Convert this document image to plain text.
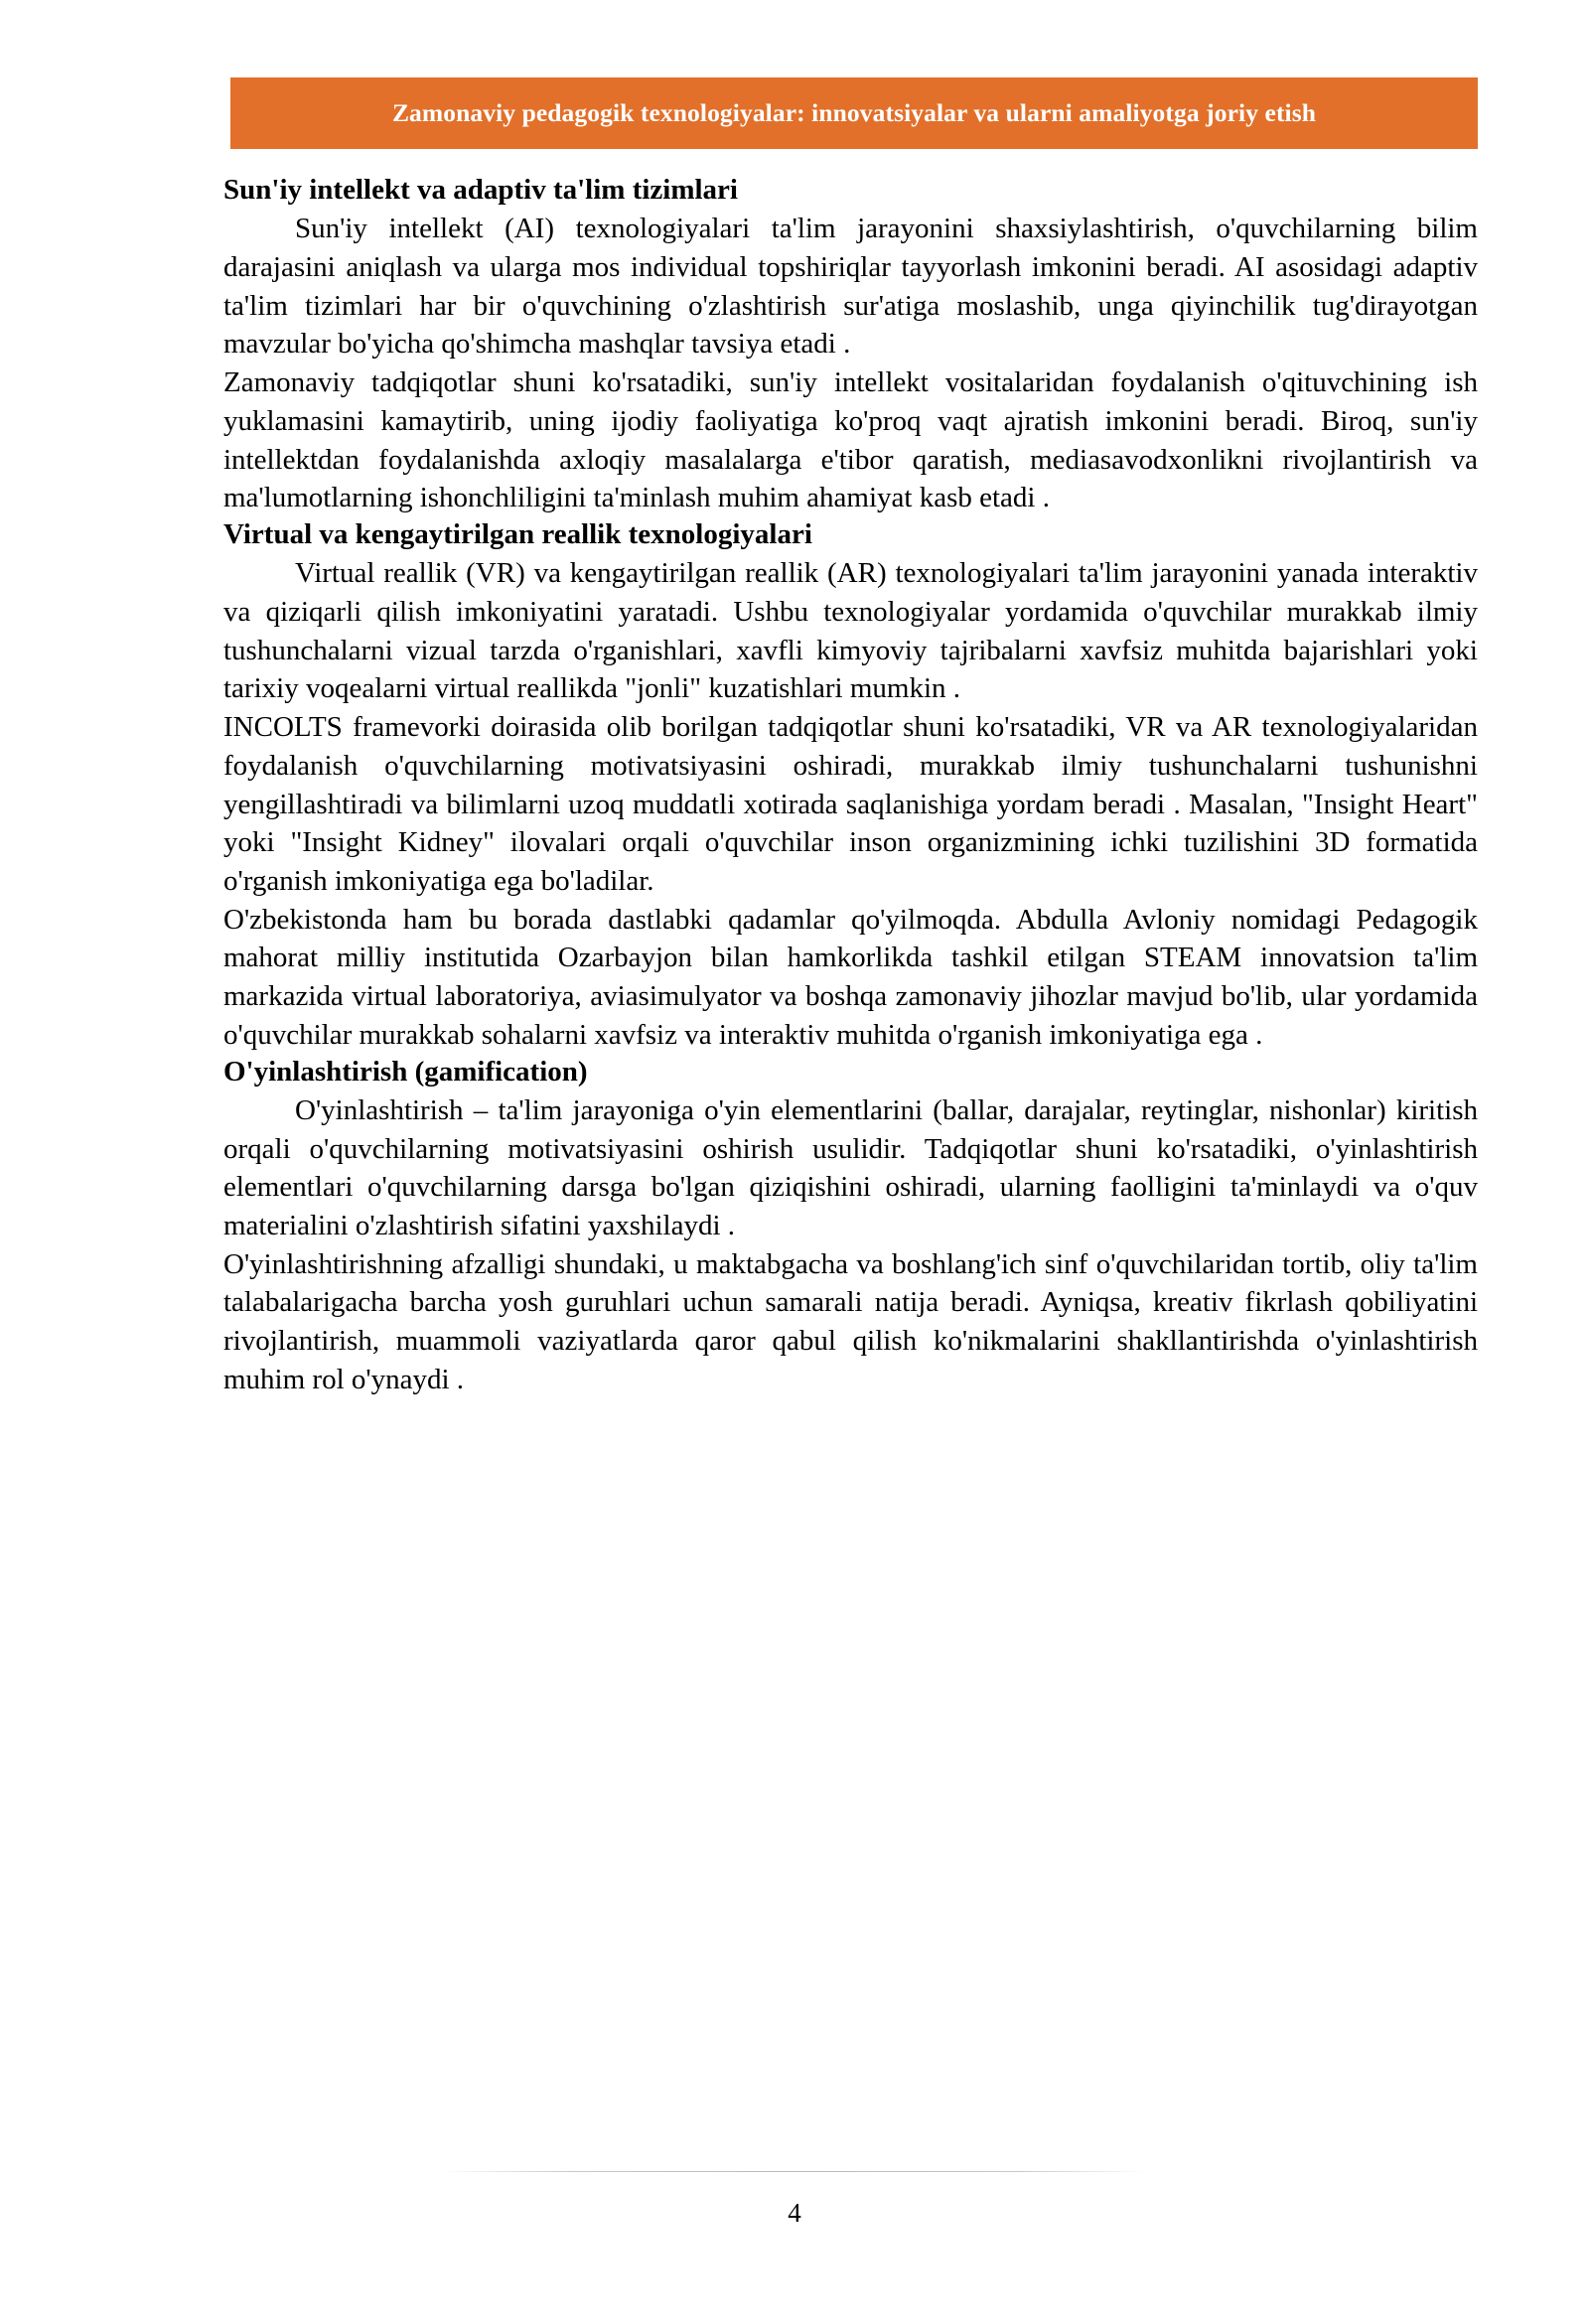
Zamonaviy pedagogik texnologiyalar: innovatsiyalar va ularni amaliyotga joriy etish
Sun'iy intellekt va adaptiv ta'lim tizimlari

Sun'iy intellekt (AI) texnologiyalari ta'lim jarayonini shaxsiylashtirish, o'quvchilarning bilim darajasini aniqlash va ularga mos individual topshiriqlar tayyorlash imkonini beradi. AI asosidagi adaptiv ta'lim tizimlari har bir o'quvchining o'zlashtirish sur'atiga moslashib, unga qiyinchilik tug'dirayotgan mavzular bo'yicha qo'shimcha mashqlar tavsiya etadi .

Zamonaviy tadqiqotlar shuni ko'rsatadiki, sun'iy intellekt vositalaridan foydalanish o'qituvchining ish yuklamasini kamaytirib, uning ijodiy faoliyatiga ko'proq vaqt ajratish imkonini beradi. Biroq, sun'iy intellektdan foydalanishda axloqiy masalalarga e'tibor qaratish, mediasavodxonlikni rivojlantirish va ma'lumotlarning ishonchliligini ta'minlash muhim ahamiyat kasb etadi .

Virtual va kengaytirilgan reallik texnologiyalari

Virtual reallik (VR) va kengaytirilgan reallik (AR) texnologiyalari ta'lim jarayonini yanada interaktiv va qiziqarli qilish imkoniyatini yaratadi. Ushbu texnologiyalar yordamida o'quvchilar murakkab ilmiy tushunchalarni vizual tarzda o'rganishlari, xavfli kimyoviy tajribalarni xavfsiz muhitda bajarishlari yoki tarixiy voqealarni virtual reallikda "jonli" kuzatishlari mumkin .

INCOLTS framevorki doirasida olib borilgan tadqiqotlar shuni ko'rsatadiki, VR va AR texnologiyalaridan foydalanish o'quvchilarning motivatsiyasini oshiradi, murakkab ilmiy tushunchalarni tushunishni yengillashtiradi va bilimlarni uzoq muddatli xotirada saqlanishiga yordam beradi . Masalan, "Insight Heart" yoki "Insight Kidney" ilovalari orqali o'quvchilar inson organizmining ichki tuzilishini 3D formatida o'rganish imkoniyatiga ega bo'ladilar.

O'zbekistonda ham bu borada dastlabki qadamlar qo'yilmoqda. Abdulla Avloniy nomidagi Pedagogik mahorat milliy institutida Ozarbayjon bilan hamkorlikda tashkil etilgan STEAM innovatsion ta'lim markazida virtual laboratoriya, aviasimulyator va boshqa zamonaviy jihozlar mavjud bo'lib, ular yordamida o'quvchilar murakkab sohalarni xavfsiz va interaktiv muhitda o'rganish imkoniyatiga ega .

O'yinlashtirish (gamification)

O'yinlashtirish – ta'lim jarayoniga o'yin elementlarini (ballar, darajalar, reytinglar, nishonlar) kiritish orqali o'quvchilarning motivatsiyasini oshirish usulidir. Tadqiqotlar shuni ko'rsatadiki, o'yinlashtirish elementlari o'quvchilarning darsga bo'lgan qiziqishini oshiradi, ularning faolligini ta'minlaydi va o'quv materialini o'zlashtirish sifatini yaxshilaydi .

O'yinlashtirishning afzalligi shundaki, u maktabgacha va boshlang'ich sinf o'quvchilaridan tortib, oliy ta'lim talabalarigacha barcha yosh guruhlari uchun samarali natija beradi. Ayniqsa, kreativ fikrlash qobiliyatini rivojlantirish, muammoli vaziyatlarda qaror qabul qilish ko'nikmalarini shakllantirishda o'yinlashtirish muhim rol o'ynaydi .

4
